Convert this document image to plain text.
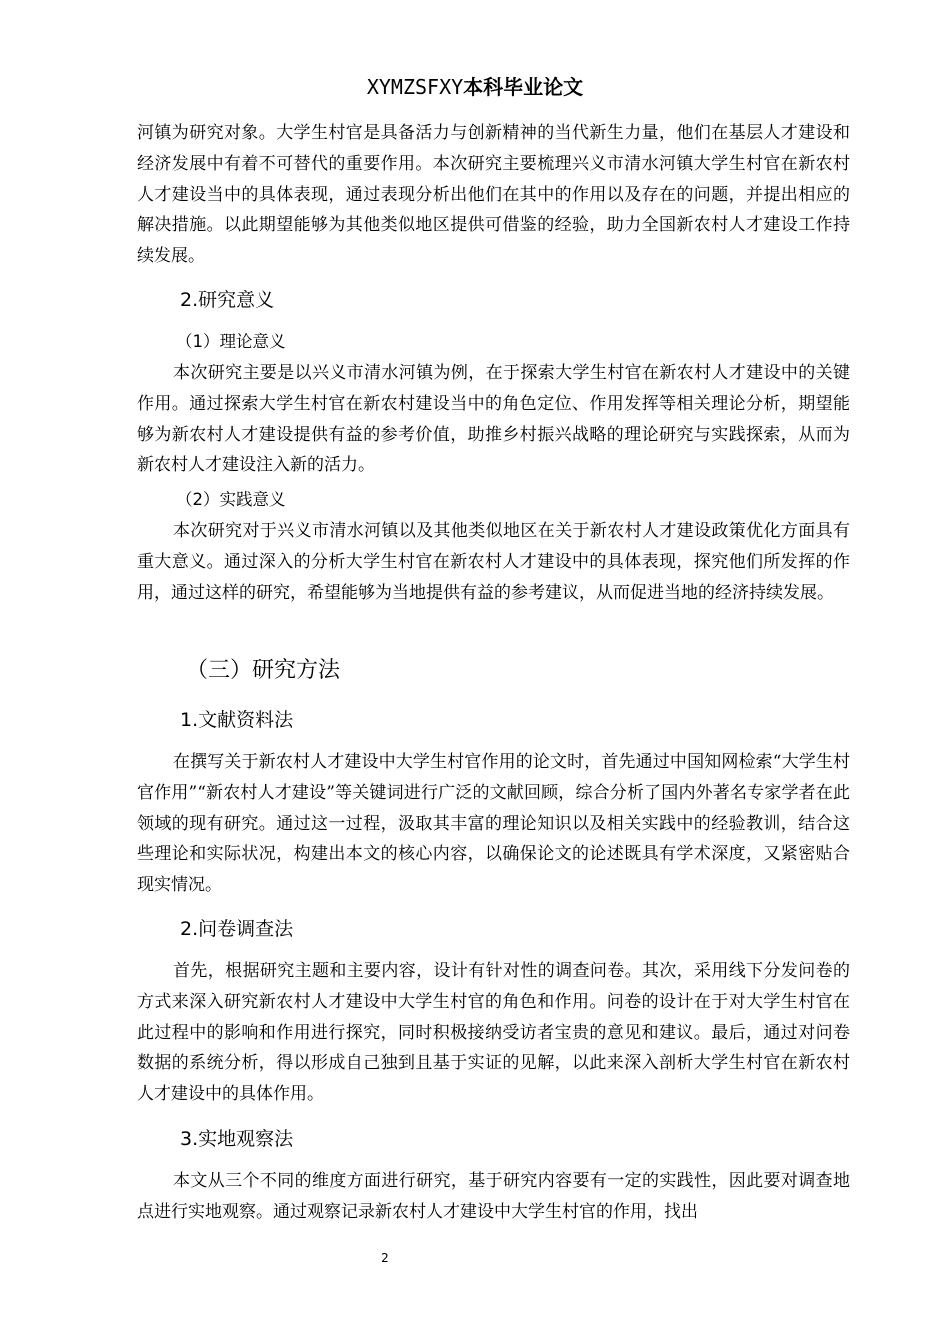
XYMZSFXY本科毕业论文

河镇为研究对象。大学生村官是具备活力与创新精神的当代新生力量，他们在基层人才建设和经济发展中有着不可替代的重要作用。本次研究主要梳理兴义市清水河镇大学生村官在新农村人才建设当中的具体表现，通过表现分析出他们在其中的作用以及存在的问题，并提出相应的解决措施。以此期望能够为其他类似地区提供可借鉴的经验，助力全国新农村人才建设工作持续发展。

2.研究意义

（1）理论意义

本次研究主要是以兴义市清水河镇为例，在于探索大学生村官在新农村人才建设中的关键作用。通过探索大学生村官在新农村建设当中的角色定位、作用发挥等相关理论分析，期望能够为新农村人才建设提供有益的参考价值，助推乡村振兴战略的理论研究与实践探索，从而为新农村人才建设注入新的活力。

（2）实践意义

本次研究对于兴义市清水河镇以及其他类似地区在关于新农村人才建设政策优化方面具有重大意义。通过深入的分析大学生村官在新农村人才建设中的具体表现，探究他们所发挥的作用，通过这样的研究，希望能够为当地提供有益的参考建议，从而促进当地的经济持续发展。

（三）研究方法

1.文献资料法

在撰写关于新农村人才建设中大学生村官作用的论文时，首先通过中国知网检索“大学生村官作用”“新农村人才建设”等关键词进行广泛的文献回顾，综合分析了国内外著名专家学者在此领域的现有研究。通过这一过程，汲取其丰富的理论知识以及相关实践中的经验教训，结合这些理论和实际状况，构建出本文的核心内容，以确保论文的论述既具有学术深度，又紧密贴合现实情况。

2.问卷调查法

首先，根据研究主题和主要内容，设计有针对性的调查问卷。其次，采用线下分发问卷的方式来深入研究新农村人才建设中大学生村官的角色和作用。问卷的设计在于对大学生村官在此过程中的影响和作用进行探究，同时积极接纳受访者宝贵的意见和建议。最后，通过对问卷数据的系统分析，得以形成自己独到且基于实证的见解，以此来深入剖析大学生村官在新农村人才建设中的具体作用。

3.实地观察法

本文从三个不同的维度方面进行研究，基于研究内容要有一定的实践性，因此要对调查地点进行实地观察。通过观察记录新农村人才建设中大学生村官的作用，找出

2
